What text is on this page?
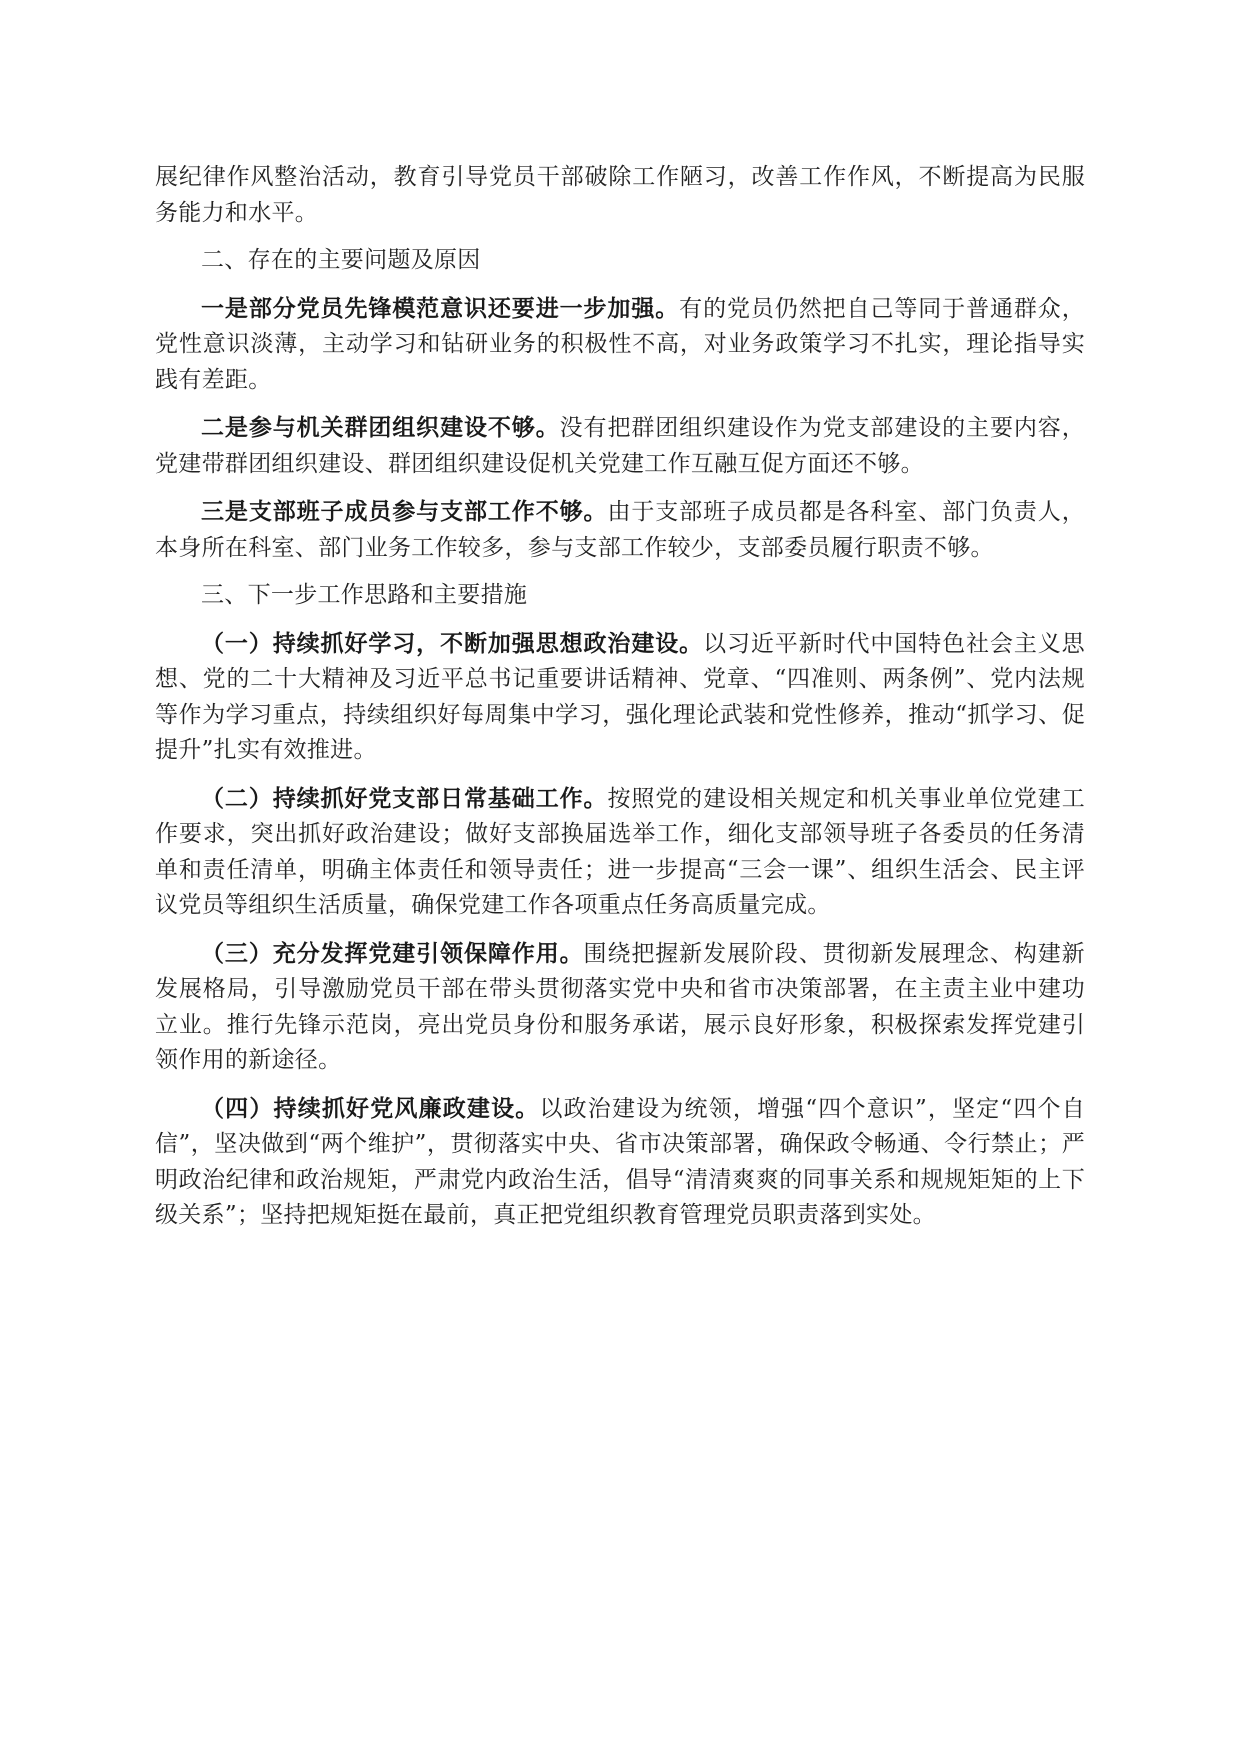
展纪律作风整治活动，教育引导党员干部破除工作陋习，改善工作作风，不断提高为民服务能力和水平。

二、存在的主要问题及原因

一是部分党员先锋模范意识还要进一步加强。有的党员仍然把自己等同于普通群众，党性意识淡薄，主动学习和钻研业务的积极性不高，对业务政策学习不扎实，理论指导实践有差距。

二是参与机关群团组织建设不够。没有把群团组织建设作为党支部建设的主要内容，党建带群团组织建设、群团组织建设促机关党建工作互融互促方面还不够。

三是支部班子成员参与支部工作不够。由于支部班子成员都是各科室、部门负责人，本身所在科室、部门业务工作较多，参与支部工作较少，支部委员履行职责不够。

三、下一步工作思路和主要措施

（一）持续抓好学习，不断加强思想政治建设。以习近平新时代中国特色社会主义思想、党的二十大精神及习近平总书记重要讲话精神、党章、“四准则、两条例”、党内法规等作为学习重点，持续组织好每周集中学习，强化理论武装和党性修养，推动“抓学习、促提升”扎实有效推进。

（二）持续抓好党支部日常基础工作。按照党的建设相关规定和机关事业单位党建工作要求，突出抓好政治建设；做好支部换届选举工作，细化支部领导班子各委员的任务清单和责任清单，明确主体责任和领导责任；进一步提高“三会一课”、组织生活会、民主评议党员等组织生活质量，确保党建工作各项重点任务高质量完成。

（三）充分发挥党建引领保障作用。围绕把握新发展阶段、贯彻新发展理念、构建新发展格局，引导激励党员干部在带头贯彻落实党中央和省市决策部署，在主责主业中建功立业。推行先锋示范岗，亮出党员身份和服务承诺，展示良好形象，积极探索发挥党建引领作用的新途径。

（四）持续抓好党风廉政建设。以政治建设为统领，增强“四个意识”，坚定“四个自信”，坚决做到“两个维护”，贯彻落实中央、省市决策部署，确保政令畅通、令行禁止；严明政治纪律和政治规矩，严肃党内政治生活，倡导“清清爽爽的同事关系和规规矩矩的上下级关系”；坚持把规矩挺在最前，真正把党组织教育管理党员职责落到实处。
